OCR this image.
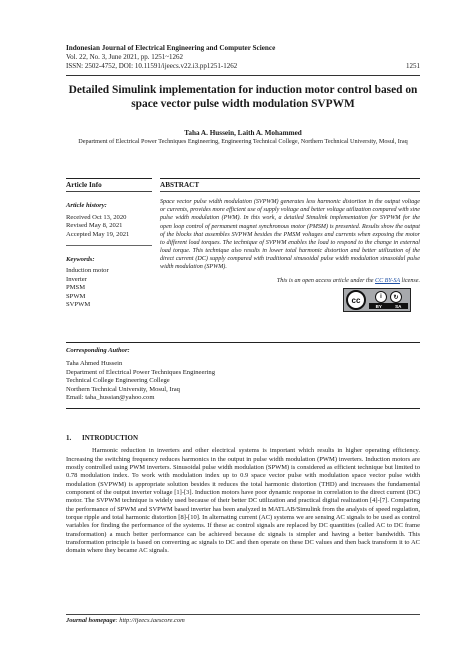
Indonesian Journal of Electrical Engineering and Computer Science
Vol. 22, No. 3, June 2021, pp. 1251~1262
ISSN: 2502-4752, DOI: 10.11591/ijeecs.v22.i3.pp1251-1262	1251
Detailed Simulink implementation for induction motor control based on space vector pulse width modulation SVPWM
Taha A. Hussein, Laith A. Mohammed
Department of Electrical Power Techniques Engineering, Engineering Technical College, Northern Technical University, Mosul, Iraq
Article Info
Article history:
Received Oct 13, 2020
Revised May 8, 2021
Accepted May 19, 2021
Keywords:
Induction motor
Inverter
PMSM
SPWM
SVPWM
ABSTRACT
Space vector pulse width modulation (SVPWM) generates less harmonic distortion in the output voltage or currents, provides more efficient use of supply voltage and better voltage utilization compared with sine pulse width modulation (PWM). In this work, a detailed Simulink implementation for SVPWM for the open loop control of permanent magnet synchronous motor (PMSM) is presented. Results show the output of the blocks that assembles SVPWM besides the PMSM voltages and currents when exposing the motor to different load torques. The technique of SVPWM enables the load to respond to the change in external load torque. This technique also results in lower total harmonic distortion and better utilization of the direct current (DC) supply compared with traditional sinusoidal pulse width modulation sinusoidal pulse width modulation (SPWM).
This is an open access article under the CC BY-SA license.
cc	i	↻
BY	SA
Corresponding Author:
Taha Ahmed Hussein
Department of Electrical Power Techniques Engineering
Technical College Engineering College
Northern Technical University, Mosul, Iraq
Email: taha_hussian@yahoo.com
1. INTRODUCTION

Harmonic reduction in inverters and other electrical systems is important which results in higher operating efficiency. Increasing the switching frequency reduces harmonics in the output in pulse width modulation (PWM) inverters. Induction motors are mostly controlled using PWM inverters. Sinusoidal pulse width modulation (SPWM) is considered as efficient technique but limited to 0.78 modulation index. To work with modulation index up to 0.9 space vector pulse with modulation space vector pulse width modulation (SVPWM) is appropriate solution besides it reduces the total harmonic distortion (THD) and increases the fundamental component of the output inverter voltage [1]-[3]. Induction motors have poor dynamic response in correlation to the direct current (DC) motor. The SVPWM technique is widely used because of their better DC utilization and practical digital realization [4]-[7]. Comparing the performance of SPWM and SVPWM based inverter has been analyzed in MATLAB/Simulink from the analysis of speed regulation, torque ripple and total harmonic distortion [8]-[10]. In alternating current (AC) systems we are sensing AC signals to be used as control variables for finding the performance of the systems. If these ac control signals are replaced by DC quantities (called AC to DC frame transformation) a much better performance can be achieved because dc signals is simpler and having a better bandwidth. This transformation principle is based on converting ac signals to DC and then operate on these DC values and then back transform it to AC domain where they became AC signals.

Journal homepage: http://ijeecs.iaescore.com
